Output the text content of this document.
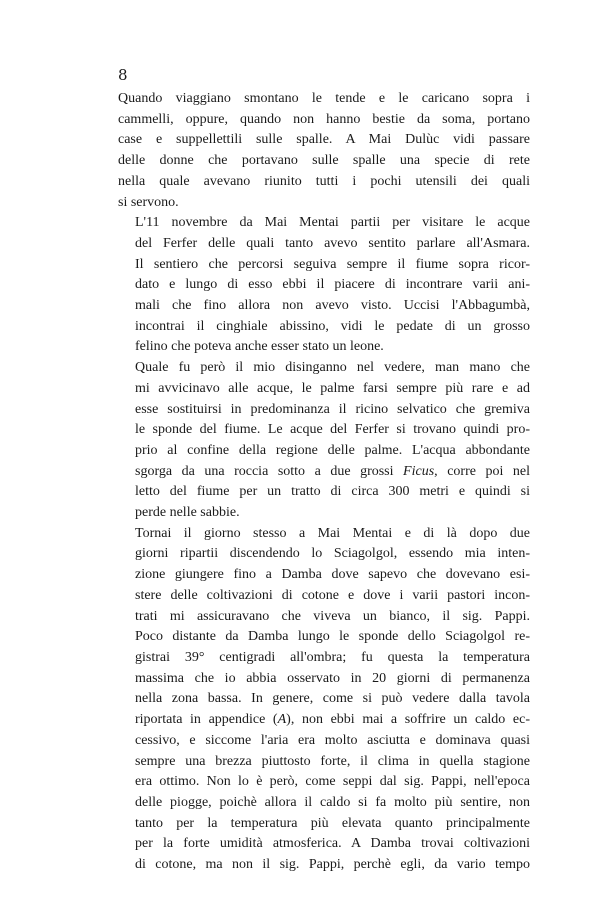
8

Quando viaggiano smontano le tende e le caricano sopra i
cammelli, oppure, quando non hanno bestie da soma, portano
case e suppellettili sulle spalle. A Mai Dulùc vidi passare
delle donne che portavano sulle spalle una specie di rete
nella quale avevano riunito tutti i pochi utensili dei quali
si servono.

L'11 novembre da Mai Mentai partii per visitare le acque
del Ferfer delle quali tanto avevo sentito parlare all'Asmara.
Il sentiero che percorsi seguiva sempre il fiume sopra ricor-
dato e lungo di esso ebbi il piacere di incontrare varii ani-
mali che fino allora non avevo visto. Uccisi l'Abbagumbà,
incontrai il cinghiale abissino, vidi le pedate di un grosso
felino che poteva anche esser stato un leone.

Quale fu però il mio disinganno nel vedere, man mano che
mi avvicinavo alle acque, le palme farsi sempre più rare e ad
esse sostituirsi in predominanza il ricino selvatico che gremiva
le sponde del fiume. Le acque del Ferfer si trovano quindi pro-
prio al confine della regione delle palme. L'acqua abbondante
sgorga da una roccia sotto a due grossi Ficus, corre poi nel
letto del fiume per un tratto di circa 300 metri e quindi si
perde nelle sabbie.

Tornai il giorno stesso a Mai Mentai e di là dopo due
giorni ripartii discendendo lo Sciagolgol, essendo mia inten-
zione giungere fino a Damba dove sapevo che dovevano esi-
stere delle coltivazioni di cotone e dove i varii pastori incon-
trati mi assicuravano che viveva un bianco, il sig. Pappi.
Poco distante da Damba lungo le sponde dello Sciagolgol re-
gistrai 39° centigradi all'ombra; fu questa la temperatura
massima che io abbia osservato in 20 giorni di permanenza
nella zona bassa. In genere, come si può vedere dalla tavola
riportata in appendice (A), non ebbi mai a soffrire un caldo ec-
cessivo, e siccome l'aria era molto asciutta e dominava quasi
sempre una brezza piuttosto forte, il clima in quella stagione
era ottimo. Non lo è però, come seppi dal sig. Pappi, nell'epoca
delle piogge, poichè allora il caldo si fa molto più sentire, non
tanto per la temperatura più elevata quanto principalmente
per la forte umidità atmosferica. A Damba trovai coltivazioni
di cotone, ma non il sig. Pappi, perchè egli, da vario tempo
